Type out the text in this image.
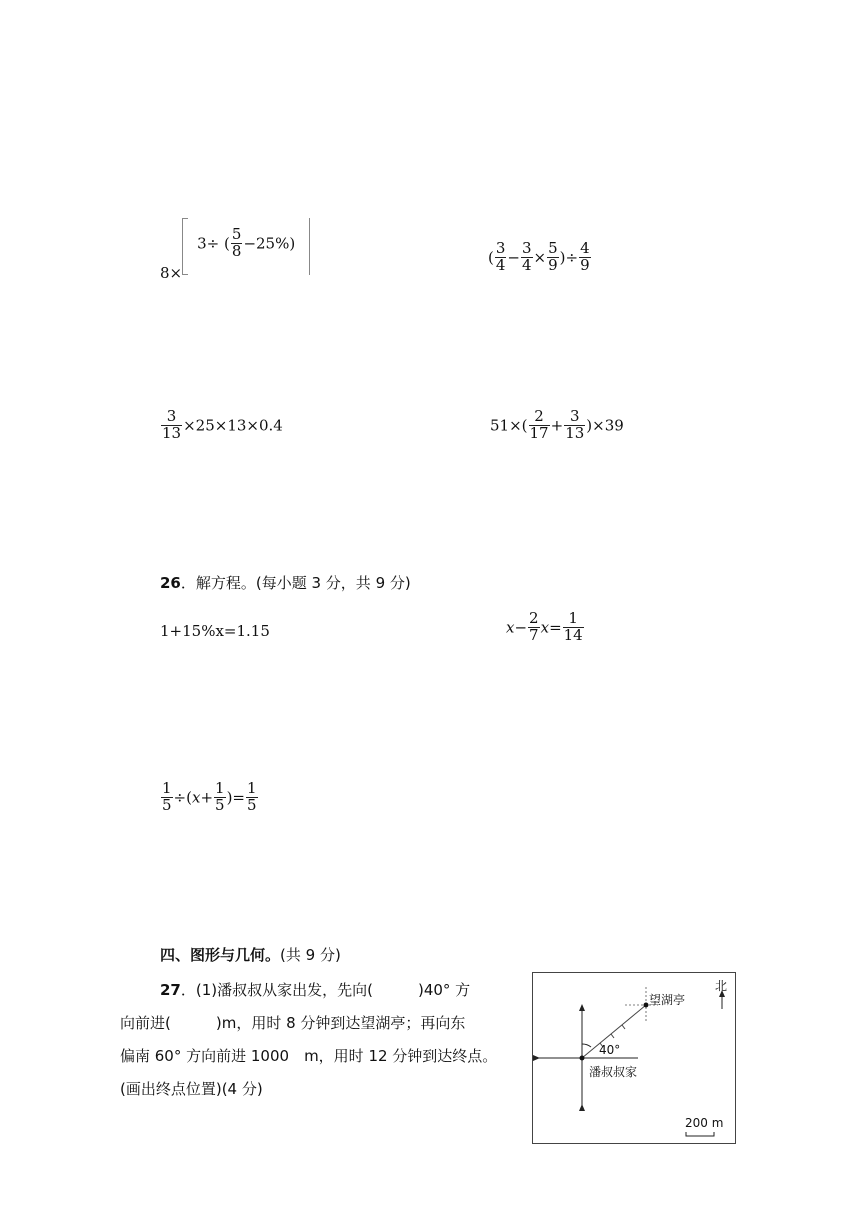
8×3÷ ( $\frac{5}{8} -25\%$)
( $\frac{3}{4} - \frac{3}{4} \times \frac{5}{9}$ )÷ $\frac{4}{9}$
$\frac{3}{13} \times 25\times 13\times 0.4$	$51\times( \frac{2}{17} + \frac{3}{13} )\times 39$
26．解方程。(每小题 3 分，共 9 分)
1+15%x=1.15	$x- \frac{2}{7} x= \frac{1}{14}$
$\frac{1}{5} \div(x+ \frac{1}{5}$ )= $\frac{1}{5}$
四、图形与几何。(共 9 分)
27．(1)潘叔叔从家出发，先向(　　　)40° 方
向前进(　　　)m，用时 8 分钟到达望湖亭；再向东
偏南 60° 方向前进 1000　m，用时 12 分钟到达终点。
(画出终点位置)(4 分)
北
望湖亭
40°
潘叔叔家
200 m
